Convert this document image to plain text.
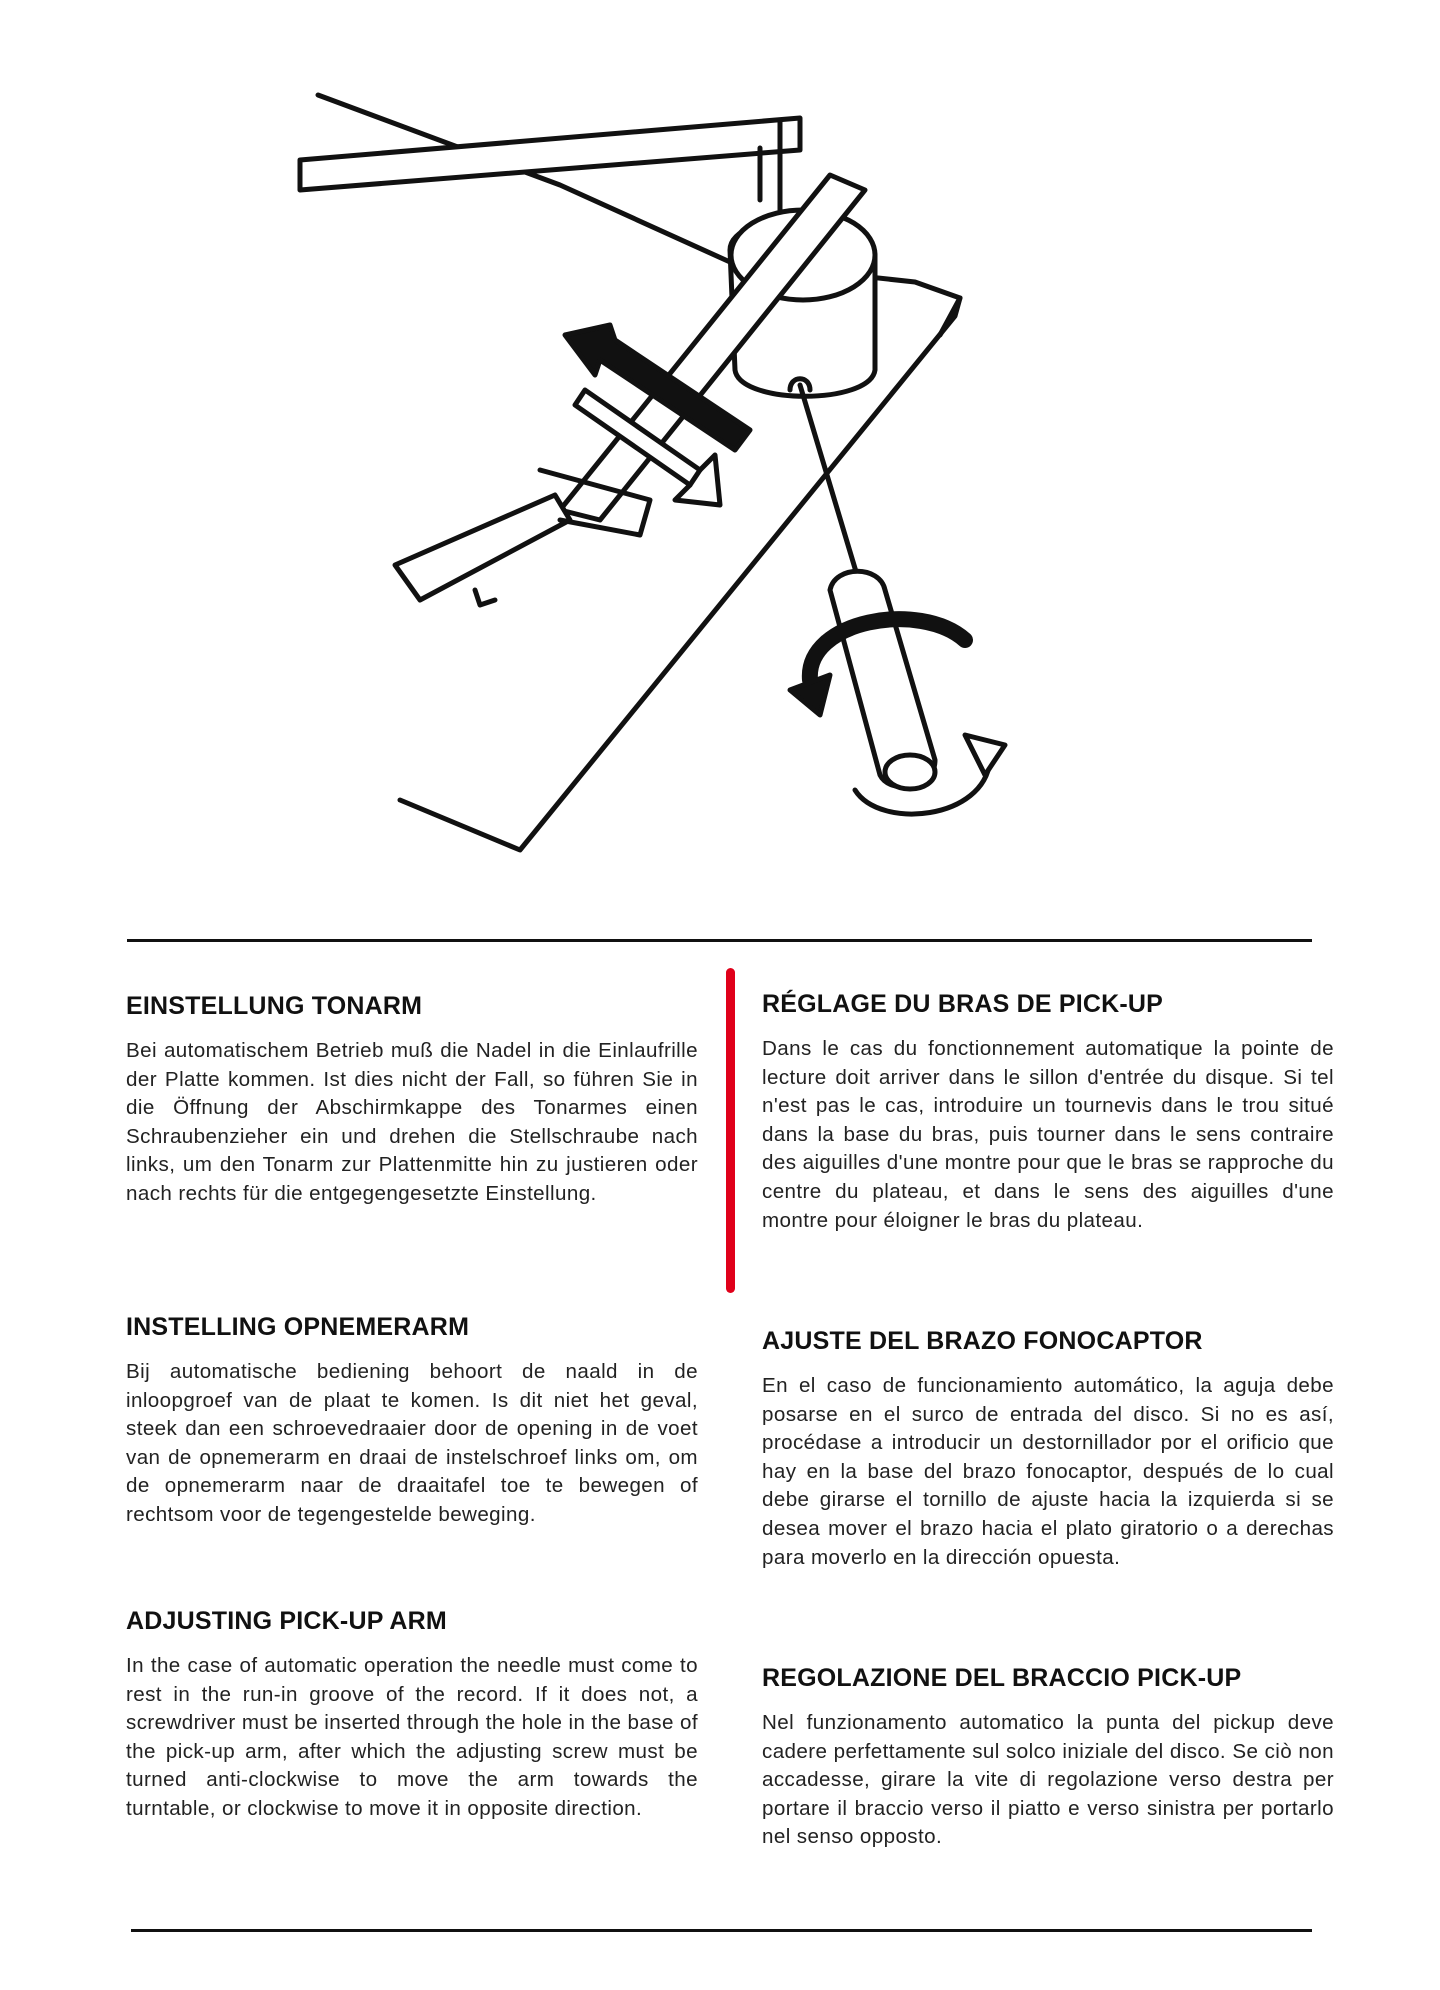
EINSTELLUNG TONARM

Bei automatischem Betrieb muß die Nadel in die Einlaufrille der Platte kommen. Ist dies nicht der Fall, so führen Sie in die Öffnung der Abschirmkappe des Tonarmes einen Schraubenzieher ein und drehen die Stellschraube nach links, um den Tonarm zur Plattenmitte hin zu justieren oder nach rechts für die entgegengesetzte Einstellung.

INSTELLING OPNEMERARM

Bij automatische bediening behoort de naald in de inloopgroef van de plaat te komen. Is dit niet het geval, steek dan een schroevedraaier door de opening in de voet van de opnemerarm en draai de instelschroef links om, om de opnemerarm naar de draaitafel toe te bewegen of rechtsom voor de tegengestelde beweging.

ADJUSTING PICK-UP ARM

In the case of automatic operation the needle must come to rest in the run-in groove of the record. If it does not, a screwdriver must be inserted through the hole in the base of the pick-up arm, after which the adjusting screw must be turned anti-clockwise to move the arm towards the turntable, or clockwise to move it in opposite direction.

RÉGLAGE DU BRAS DE PICK-UP

Dans le cas du fonctionnement automatique la pointe de lecture doit arriver dans le sillon d'entrée du disque. Si tel n'est pas le cas, introduire un tournevis dans le trou situé dans la base du bras, puis tourner dans le sens contraire des aiguilles d'une montre pour que le bras se rapproche du centre du plateau, et dans le sens des aiguilles d'une montre pour éloigner le bras du plateau.

AJUSTE DEL BRAZO FONOCAPTOR

En el caso de funcionamiento automático, la aguja debe posarse en el surco de entrada del disco. Si no es así, procédase a introducir un destornillador por el orificio que hay en la base del brazo fonocaptor, después de lo cual debe girarse el tornillo de ajuste hacia la izquierda si se desea mover el brazo hacia el plato giratorio o a derechas para moverlo en la dirección opuesta.

REGOLAZIONE DEL BRACCIO PICK-UP

Nel funzionamento automatico la punta del pickup deve cadere perfettamente sul solco iniziale del disco. Se ciò non accadesse, girare la vite di regolazione verso destra per portare il braccio verso il piatto e verso sinistra per portarlo nel senso opposto.
